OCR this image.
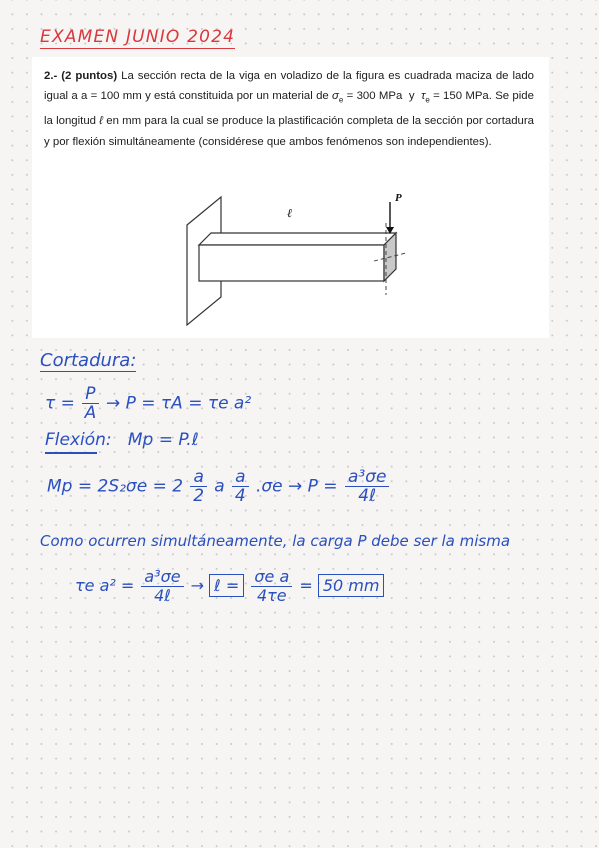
EXAMEN JUNIO 2024
2.- (2 puntos) La sección recta de la viga en voladizo de la figura es cuadrada maciza de lado igual a a = 100 mm y está constituida por un material de $\sigma_e = 300$ MPa  y  $\tau_e = 150$ MPa. Se pide la longitud ℓ en mm para la cual se produce la plastificación completa de la sección por cortadura y por flexión simultáneamente (considérese que ambos fenómenos son independientes).
P
ℓ
Cortadura:
$\tau = \frac{P}{A} \to P = \tau A = \tau e$ a²
Flexión: Mp = P.ℓ
$Mp = 2S_2\sigma e = 2 \frac{a}{2}$ a $\frac{a}{4} .\sigma e \to P = \frac{\text{a³σe}}{\text{4ℓ}}$
Como ocurren simultáneamente, la carga P debe ser la misma
τe $a^2 = \frac{\text{a³σe}}{\text{4ℓ}}$ → ℓ = $\frac{\text{σe a}}{4\tau e} = 50$ mm
